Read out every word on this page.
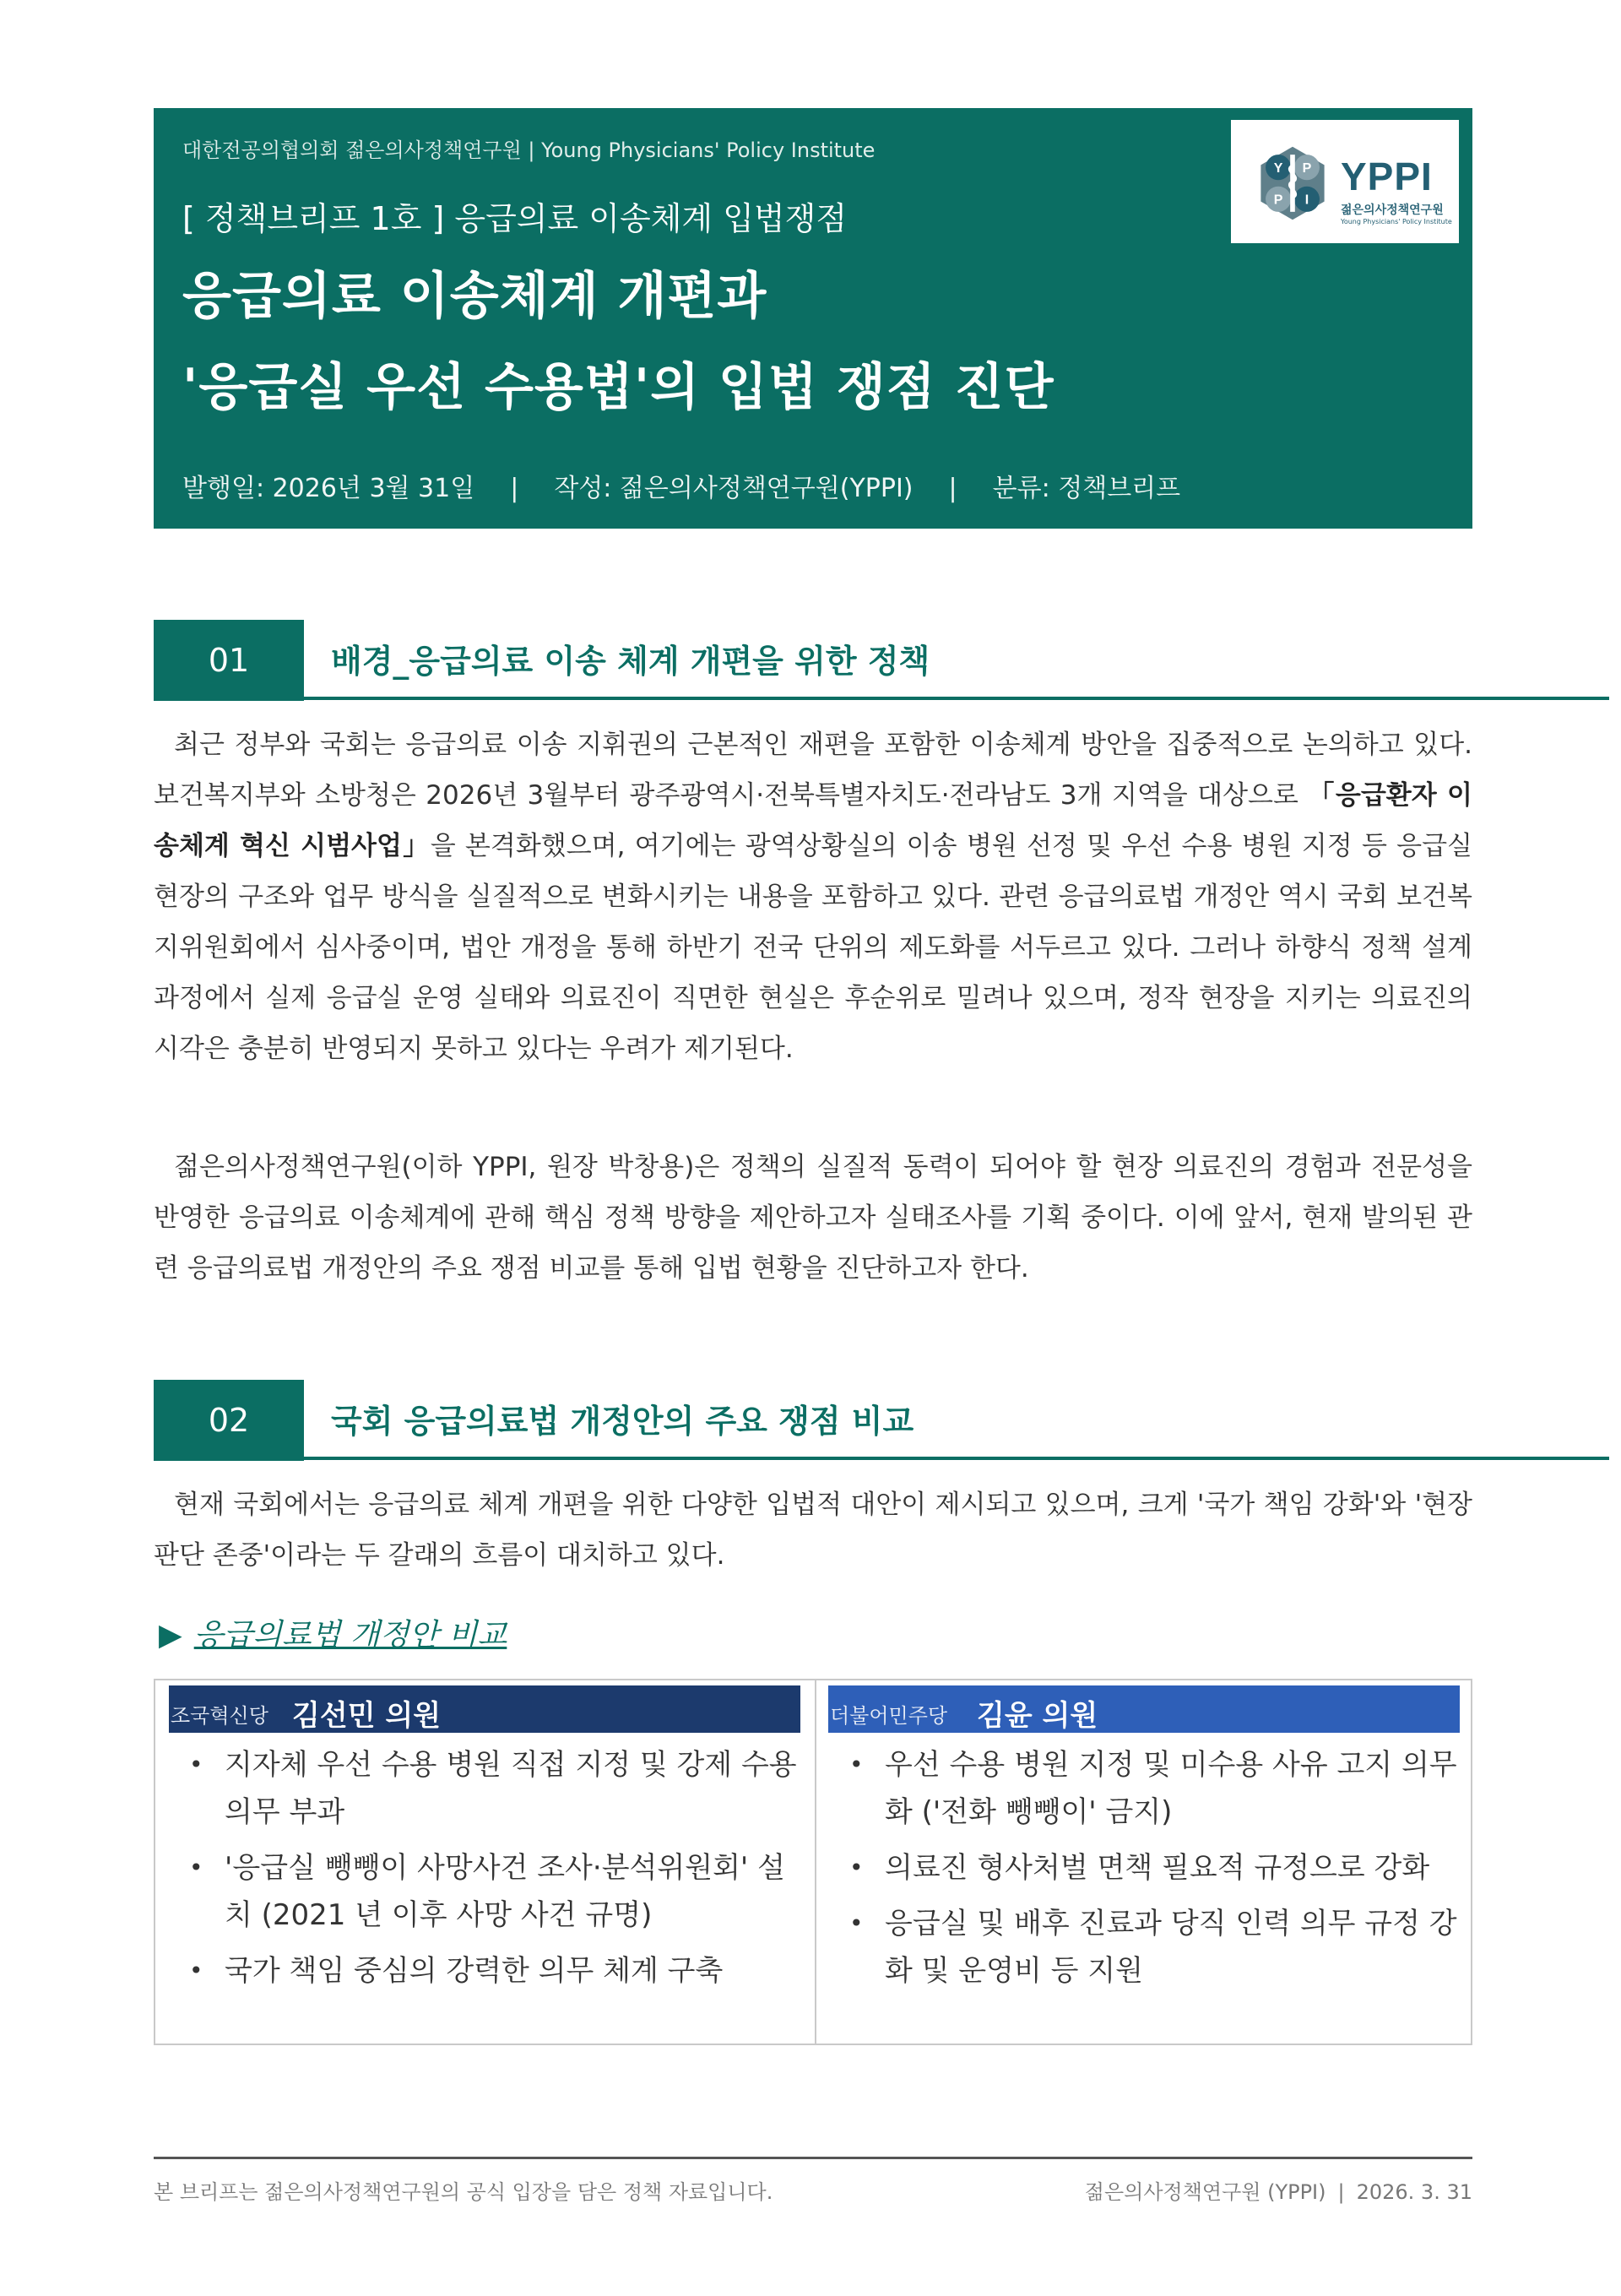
대한전공의협의회 젊은의사정책연구원 | Young Physicians' Policy Institute
[ 정책브리프 1호 ] 응급의료 이송체계 입법쟁점
응급의료 이송체계 개편과
'응급실 우선 수용법'의 입법 쟁점 진단
발행일: 2026년 3월 31일 | 작성: 젊은의사정책연구원(YPPI) | 분류: 정책브리프
Y P
P I
YPPI
젊은의사정책연구원
Young Physicians' Policy Institute
01	배경_응급의료 이송 체계 개편을 위한 정책

최근 정부와 국회는 응급의료 이송 지휘권의 근본적인 재편을 포함한 이송체계 방안을 집중적으로 논의하고 있다. 보건복지부와 소방청은 2026년 3월부터 광주광역시·전북특별자치도·전라남도 3개 지역을 대상으로 「응급환자 이송체계 혁신 시범사업」을 본격화했으며, 여기에는 광역상황실의 이송 병원 선정 및 우선 수용 병원 지정 등 응급실 현장의 구조와 업무 방식을 실질적으로 변화시키는 내용을 포함하고 있다. 관련 응급의료법 개정안 역시 국회 보건복지위원회에서 심사중이며, 법안 개정을 통해 하반기 전국 단위의 제도화를 서두르고 있다. 그러나 하향식 정책 설계 과정에서 실제 응급실 운영 실태와 의료진이 직면한 현실은 후순위로 밀려나 있으며, 정작 현장을 지키는 의료진의 시각은 충분히 반영되지 못하고 있다는 우려가 제기된다.

젊은의사정책연구원(이하 YPPI, 원장 박창용)은 정책의 실질적 동력이 되어야 할 현장 의료진의 경험과 전문성을 반영한 응급의료 이송체계에 관해 핵심 정책 방향을 제안하고자 실태조사를 기획 중이다. 이에 앞서, 현재 발의된 관련 응급의료법 개정안의 주요 쟁점 비교를 통해 입법 현황을 진단하고자 한다.

02	국회 응급의료법 개정안의 주요 쟁점 비교

현재 국회에서는 응급의료 체계 개편을 위한 다양한 입법적 대안이 제시되고 있으며, 크게 '국가 책임 강화'와 '현장 판단 존중'이라는 두 갈래의 흐름이 대치하고 있다.

▶ 응급의료법 개정안 비교
조국혁신당 김선민 의원
• 지자체 우선 수용 병원 직접 지정 및 강제 수용 의무 부과
• '응급실 뺑뺑이 사망사건 조사·분석위원회' 설치 (2021 년 이후 사망 사건 규명)
• 국가 책임 중심의 강력한 의무 체계 구축
더불어민주당 김윤 의원
• 우선 수용 병원 지정 및 미수용 사유 고지 의무화 ('전화 뺑뺑이' 금지)
• 의료진 형사처벌 면책 필요적 규정으로 강화
• 응급실 및 배후 진료과 당직 인력 의무 규정 강화 및 운영비 등 지원
본 브리프는 젊은의사정책연구원의 공식 입장을 담은 정책 자료입니다.	젊은의사정책연구원 (YPPI) | 2026. 3. 31
